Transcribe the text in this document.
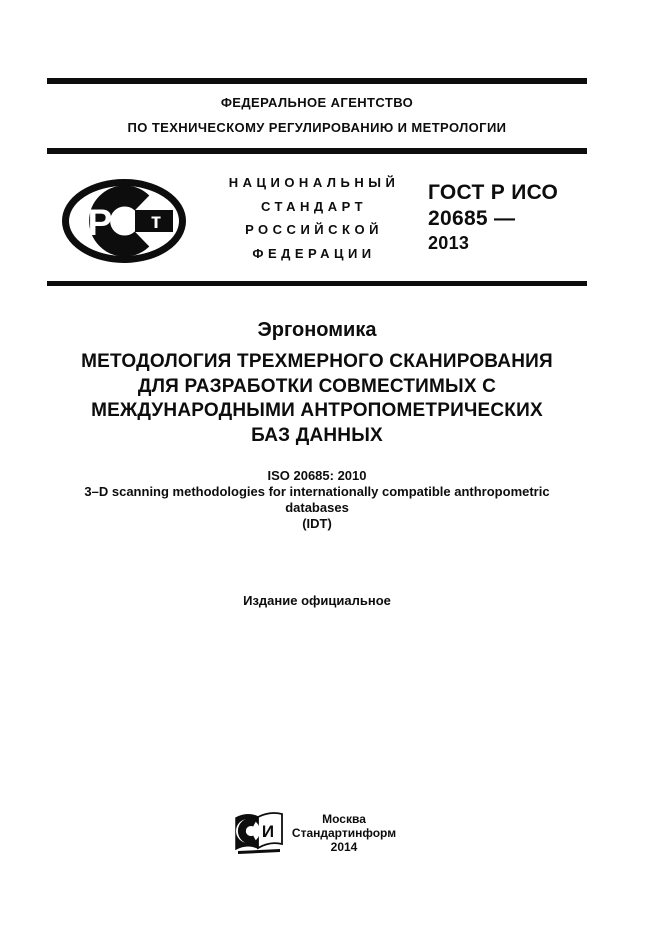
ФЕДЕРАЛЬНОЕ АГЕНТСТВО
ПО ТЕХНИЧЕСКОМУ РЕГУЛИРОВАНИЮ И МЕТРОЛОГИИ
т
Р
НАЦИОНАЛЬНЫЙ
СТАНДАРТ
РОССИЙСКОЙ
ФЕДЕРАЦИИ
ГОСТ Р ИСО
20685 —
2013
Эргономика
МЕТОДОЛОГИЯ ТРЕХМЕРНОГО СКАНИРОВАНИЯ
ДЛЯ РАЗРАБОТКИ СОВМЕСТИМЫХ С
МЕЖДУНАРОДНЫМИ АНТРОПОМЕТРИЧЕСКИХ
БАЗ ДАННЫХ
ISO 20685: 2010
3–D scanning methodologies for internationally compatible anthropometric
databases
(IDT)
Издание официальное
т И
Москва
Стандартинформ
2014
